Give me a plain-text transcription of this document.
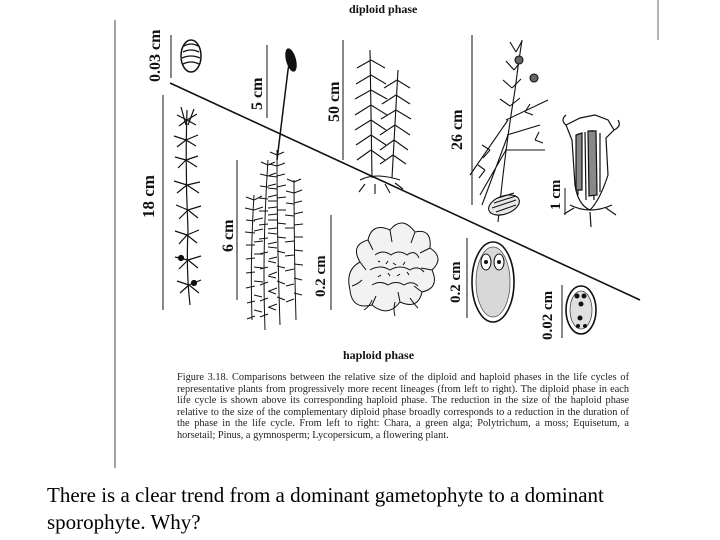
diploid phase
haploid phase
0.03 cm
18 cm
5 cm
6 cm
50 cm
0.2 cm
26 cm
0.2 cm
1 cm
0.02 cm
Figure 3.18. Comparisons between the relative size of the diploid and haploid phases in the life cycles of representative plants from progressively more recent lineages (from left to right). The diploid phase in each life cycle is shown above its corresponding haploid phase. The reduction in the size of the haploid phase relative to the size of the complementary diploid phase broadly corresponds to a reduction in the duration of the phase in the life cycle. From left to right: Chara, a green alga; Polytrichum, a moss; Equisetum, a horsetail; Pinus, a gymnosperm; Lycopersicum, a flowering plant.
There is a clear trend from a dominant gametophyte to a dominant sporophyte. Why?
